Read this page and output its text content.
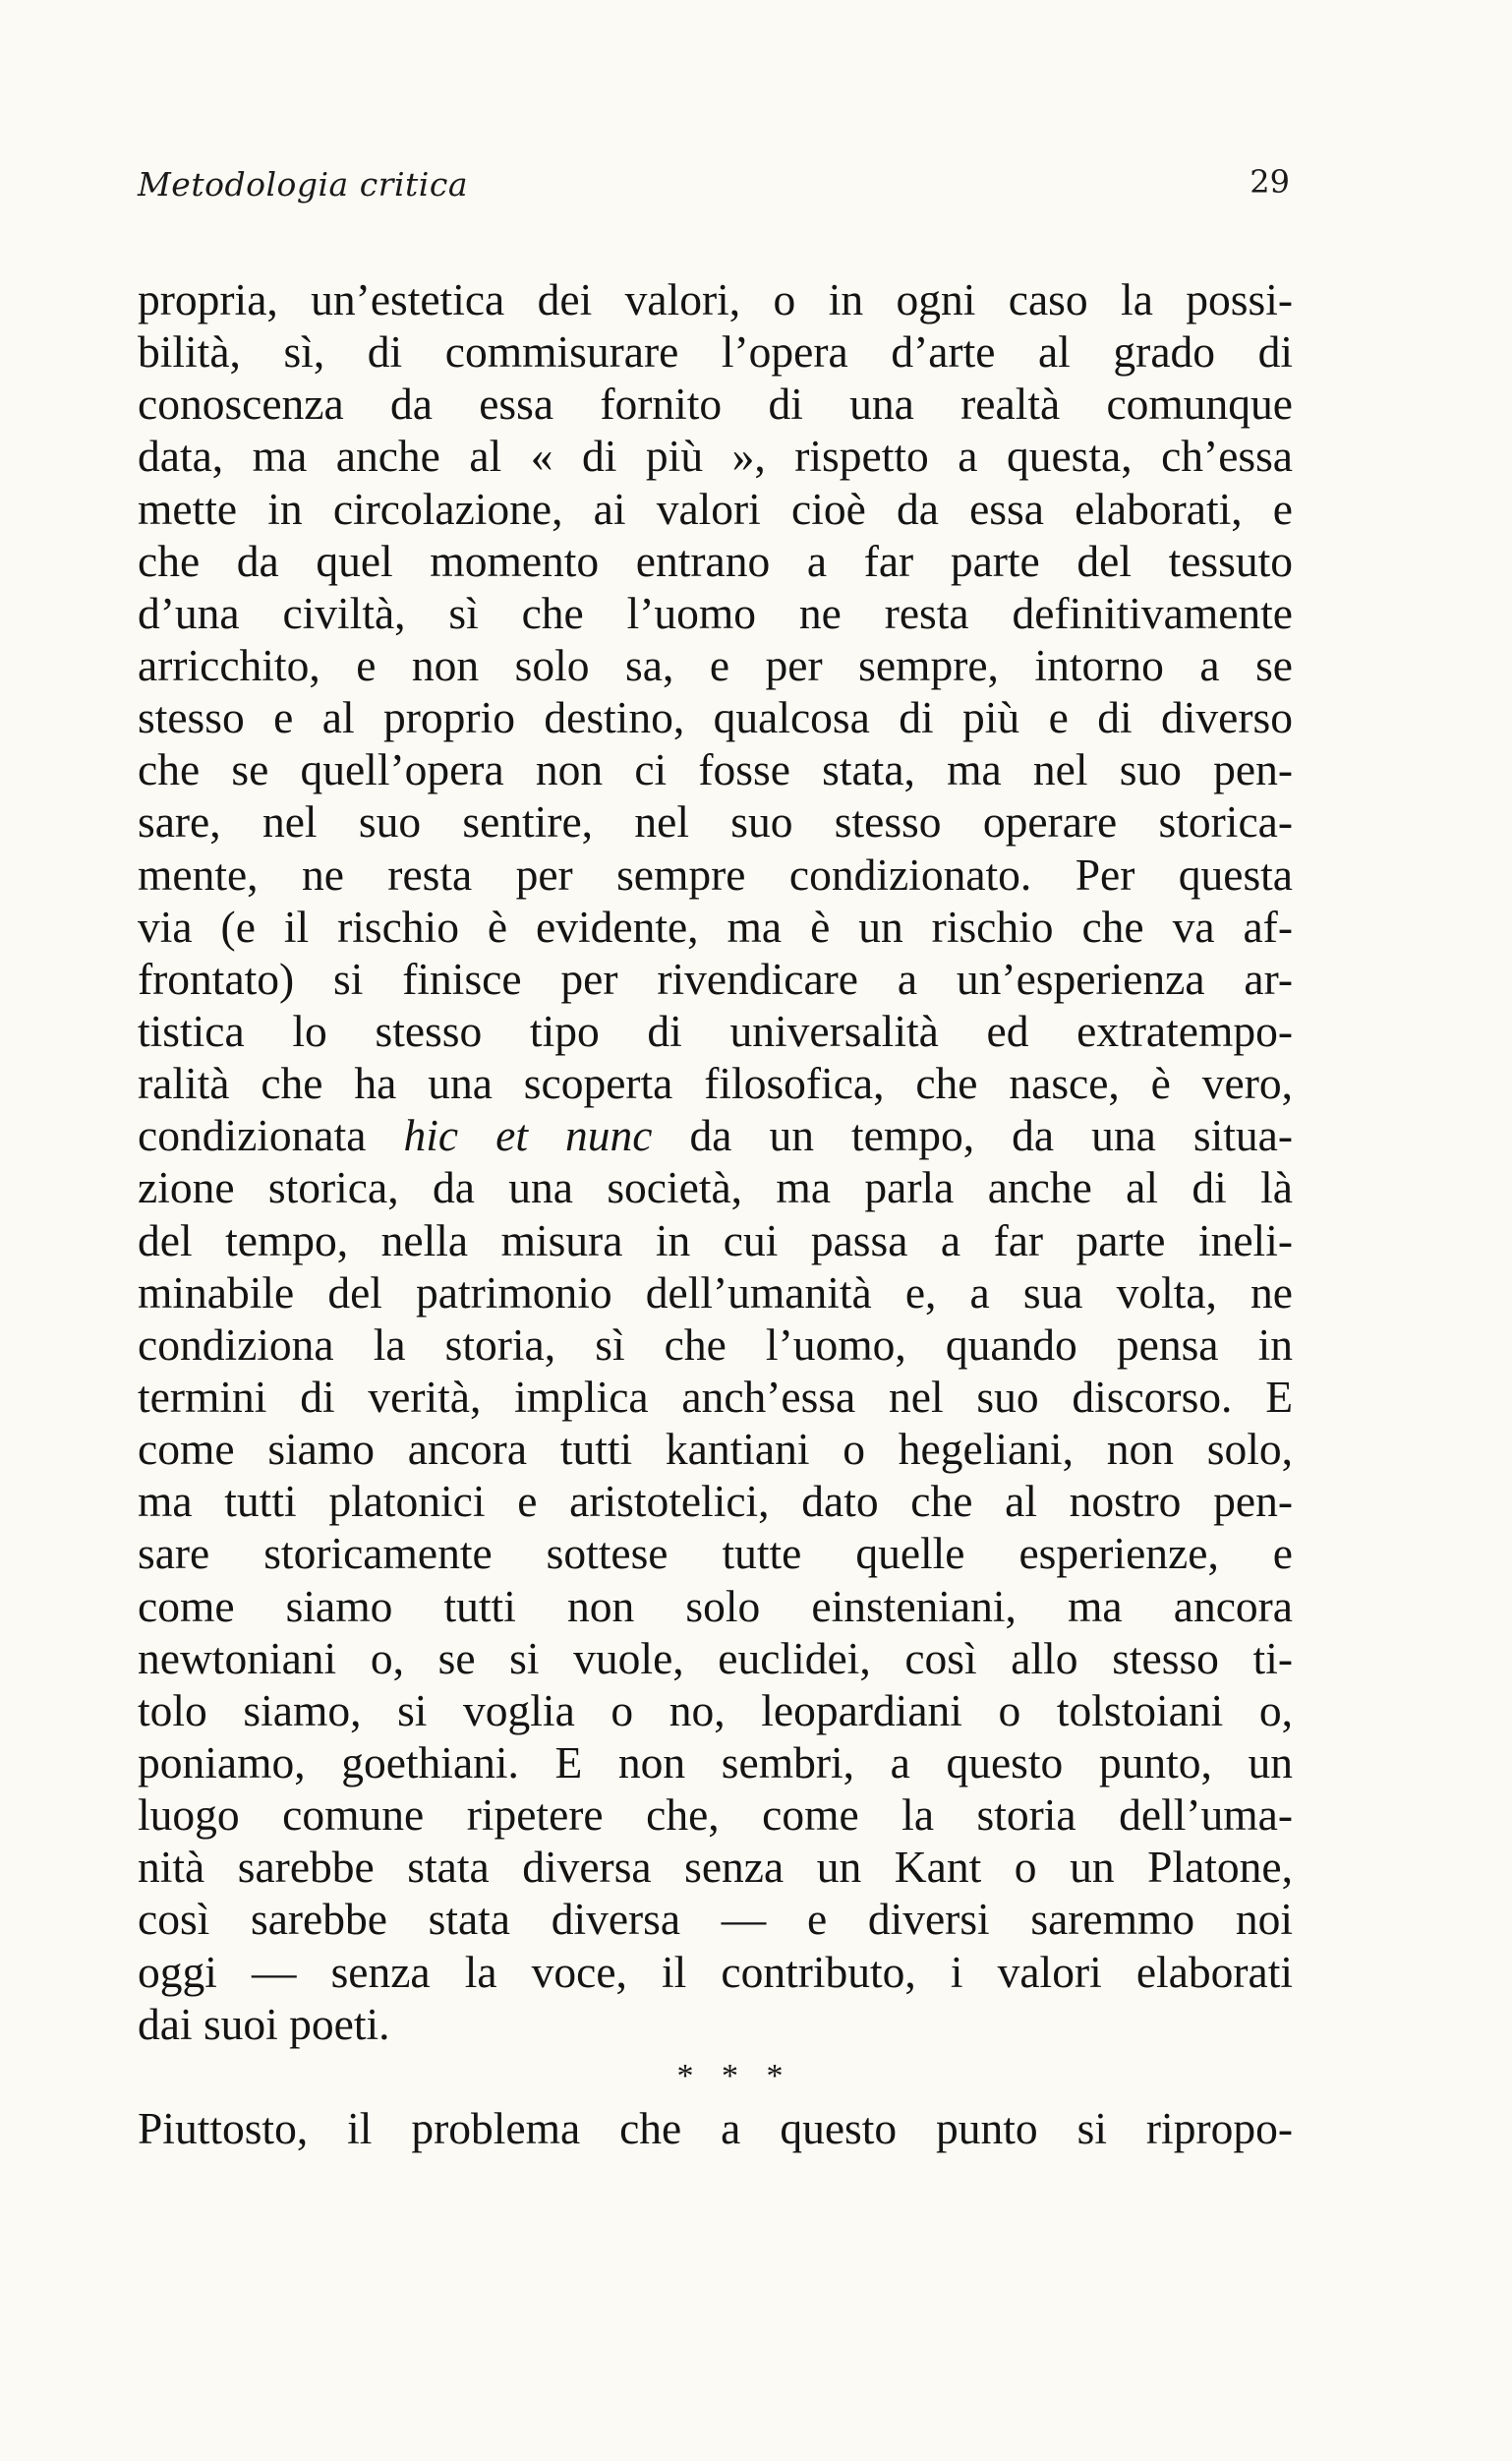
Metodologia critica	29
propria, un’estetica dei valori, o in ogni caso la possi-
bilità, sì, di commisurare l’opera d’arte al grado di
conoscenza da essa fornito di una realtà comunque
data, ma anche al « di più », rispetto a questa, ch’essa
mette in circolazione, ai valori cioè da essa elaborati, e
che da quel momento entrano a far parte del tessuto
d’una civiltà, sì che l’uomo ne resta definitivamente
arricchito, e non solo sa, e per sempre, intorno a se
stesso e al proprio destino, qualcosa di più e di diverso
che se quell’opera non ci fosse stata, ma nel suo pen-
sare, nel suo sentire, nel suo stesso operare storica-
mente, ne resta per sempre condizionato. Per questa
via (e il rischio è evidente, ma è un rischio che va af-
frontato) si finisce per rivendicare a un’esperienza ar-
tistica lo stesso tipo di universalità ed extratempo-
ralità che ha una scoperta filosofica, che nasce, è vero,
condizionata hic et nunc da un tempo, da una situa-
zione storica, da una società, ma parla anche al di là
del tempo, nella misura in cui passa a far parte ineli-
minabile del patrimonio dell’umanità e, a sua volta, ne
condiziona la storia, sì che l’uomo, quando pensa in
termini di verità, implica anch’essa nel suo discorso. E
come siamo ancora tutti kantiani o hegeliani, non solo,
ma tutti platonici e aristotelici, dato che al nostro pen-
sare storicamente sottese tutte quelle esperienze, e
come siamo tutti non solo einsteniani, ma ancora
newtoniani o, se si vuole, euclidei, così allo stesso ti-
tolo siamo, si voglia o no, leopardiani o tolstoiani o,
poniamo, goethiani. E non sembri, a questo punto, un
luogo comune ripetere che, come la storia dell’uma-
nità sarebbe stata diversa senza un Kant o un Platone,
così sarebbe stata diversa — e diversi saremmo noi
oggi — senza la voce, il contributo, i valori elaborati
dai suoi poeti.
* * *
Piuttosto, il problema che a questo punto si ripropo-
